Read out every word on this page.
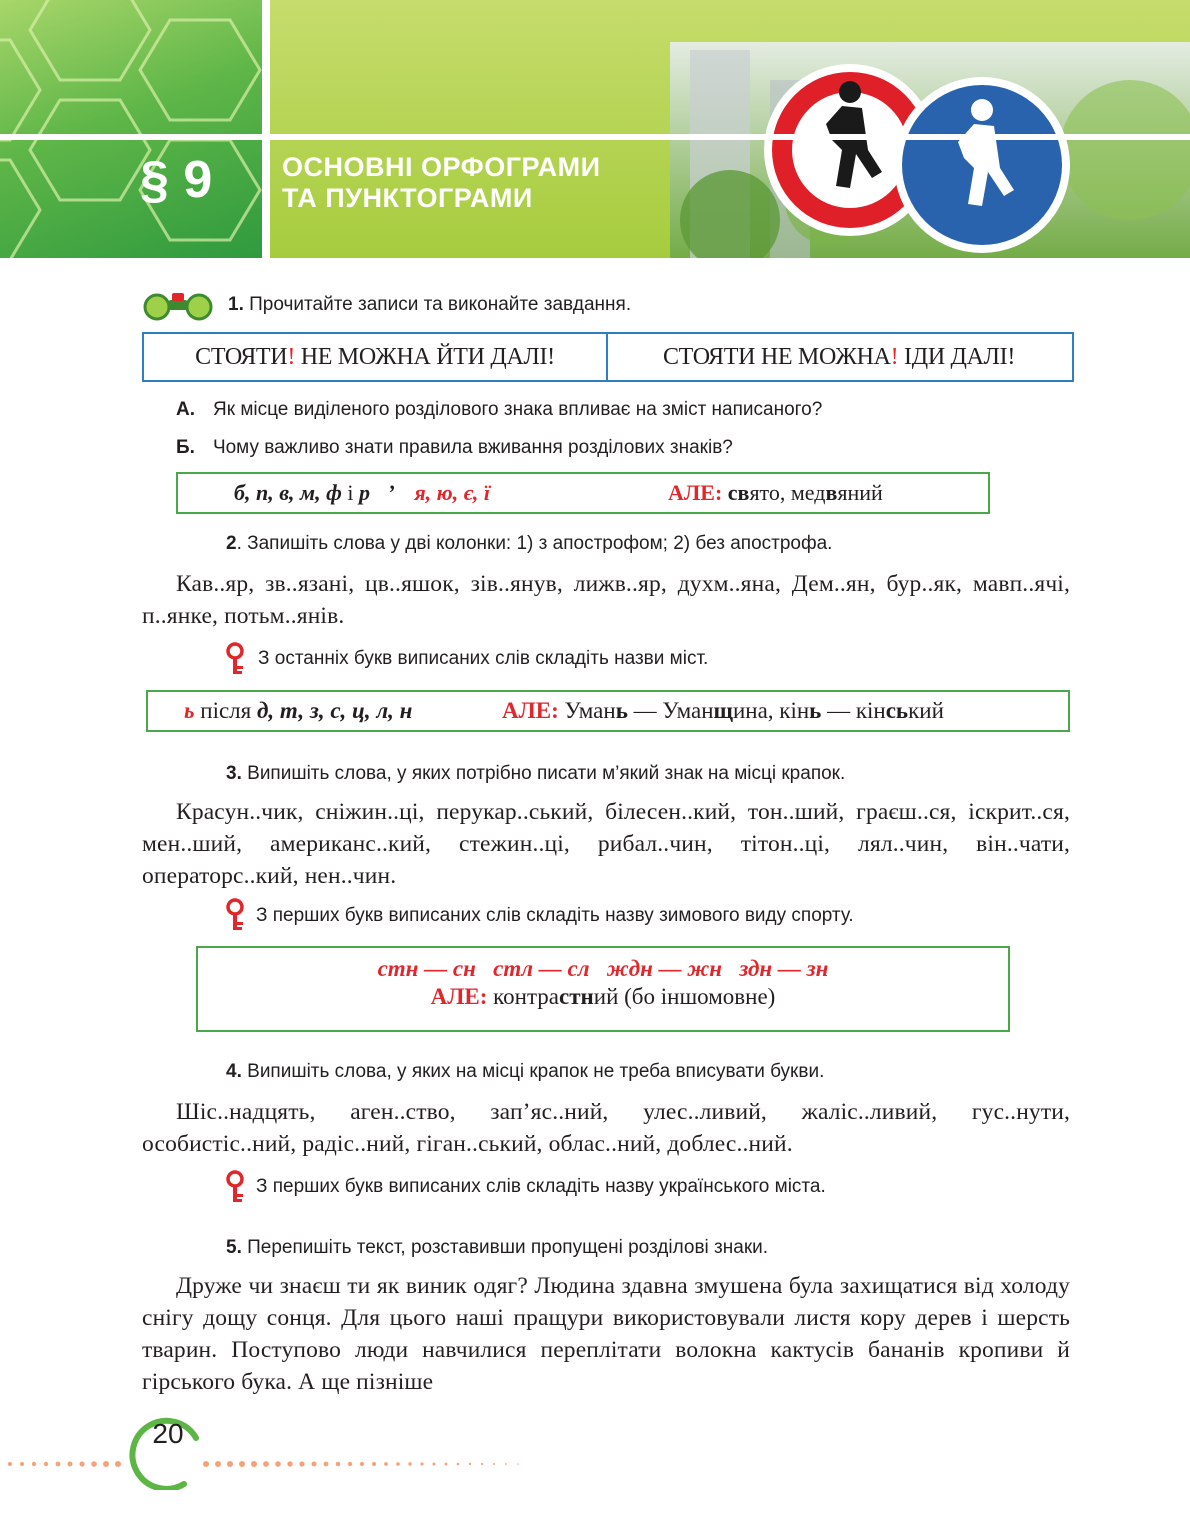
§ 9	ОСНОВНІ ОРФОГРАМИ
ТА ПУНКТОГРАМИ
1. Прочитайте записи та виконайте завдання.
СТОЯТИ! НЕ МОЖНА ЙТИ ДАЛІ!	СТОЯТИ НЕ МОЖНА! ІДИ ДАЛІ!
А. Як місце виділеного розділового знака впливає на зміст написаного?
Б. Чому важливо знати правила вживання розділових знаків?
б, п, в, м, ф і р ’ я, ю, є, ї	АЛЕ: свято, медвяний
2. Запишіть слова у дві колонки: 1) з апострофом; 2) без апострофа.
Кав..яр, зв..язані, цв..яшок, зів..янув, лижв..яр, духм..яна, Дем..ян, бур..як, мавп..ячі, п..янке, потьм..янів.
З останніх букв виписаних слів складіть назви міст.
ь після д, т, з, с, ц, л, н	АЛЕ: Умань — Уманщина, кінь — кінський
3. Випишіть слова, у яких потрібно писати м’який знак на місці крапок.
Красун..чик, сніжин..ці, перукар..ський, білесен..кий, тон..ший, граєш..ся, іскрит..ся, мен..ший, американс..кий, стежин..ці, рибал..чин, тітон..ці, лял..чин, він..чати, операторс..кий, нен..чин.
З перших букв виписаних слів складіть назву зимового виду спорту.
стн — сн   стл — сл   ждн — жн   здн — зн
АЛЕ: контрастний (бо іншомовне)
4. Випишіть слова, у яких на місці крапок не треба вписувати букви.
Шіс..надцять, аген..ство, зап’яс..ний, улес..ливий, жаліс..ливий, гус..нути, особистіс..ний, радіс..ний, гіган..ський, облас..ний, доблес..ний.
З перших букв виписаних слів складіть назву українського міста.
5. Перепишіть текст, розставивши пропущені розділові знаки.
Друже чи знаєш ти як виник одяг? Людина здавна змушена була захищатися від холоду снігу дощу сонця. Для цього наші пращури використовували листя кору дерев і шерсть тварин. Поступово люди навчилися переплітати волокна кактусів бананів кропиви й гірського бука. А ще пізніше
20
